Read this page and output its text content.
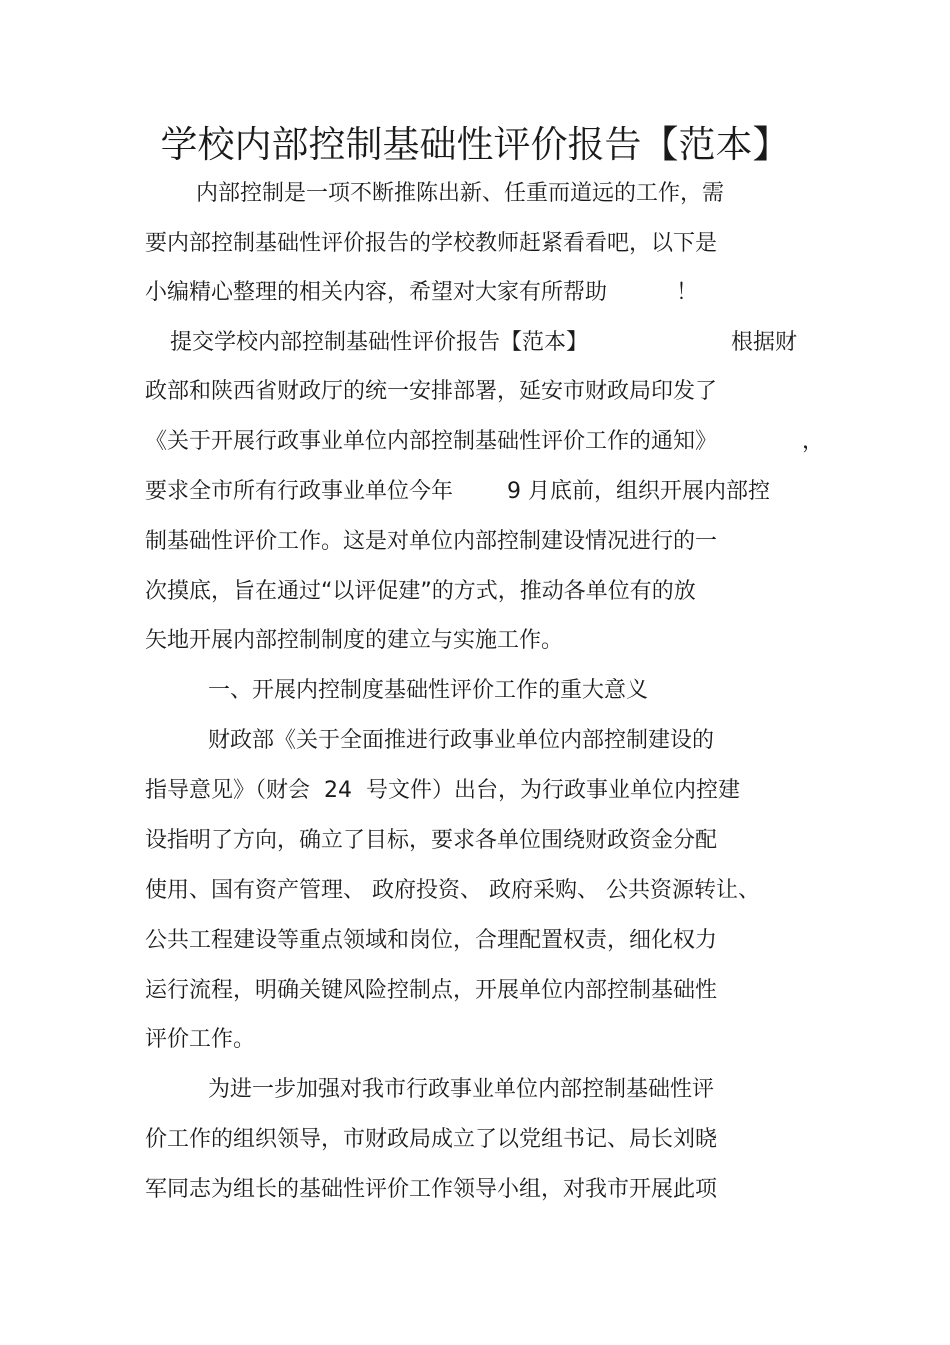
学校内部控制基础性评价报告【范本】

内部控制是一项不断推陈出新、任重而道远的工作，需

要内部控制基础性评价报告的学校教师赶紧看看吧，以下是

小编精心整理的相关内容，希望对大家有所帮助	！

提交学校内部控制基础性评价报告【范本】	根据财

政部和陕西省财政厅的统一安排部署，延安市财政局印发了

《关于开展行政事业单位内部控制基础性评价工作的通知》	，

要求全市所有行政事业单位今年 9 月底前，组织开展内部控

制基础性评价工作。这是对单位内部控制建设情况进行的一

次摸底，旨在通过“以评促建”的方式，推动各单位有的放

矢地开展内部控制制度的建立与实施工作。

一、开展内控制度基础性评价工作的重大意义

财政部《关于全面推进行政事业单位内部控制建设的

指导意见》（财会  24  号文件）出台，为行政事业单位内控建

设指明了方向，确立了目标，要求各单位围绕财政资金分配

使用、国有资产管理、 政府投资、 政府采购、 公共资源转让、

公共工程建设等重点领域和岗位，合理配置权责，细化权力

运行流程，明确关键风险控制点，开展单位内部控制基础性

评价工作。

为进一步加强对我市行政事业单位内部控制基础性评

价工作的组织领导，市财政局成立了以党组书记、局长刘晓

军同志为组长的基础性评价工作领导小组，对我市开展此项
